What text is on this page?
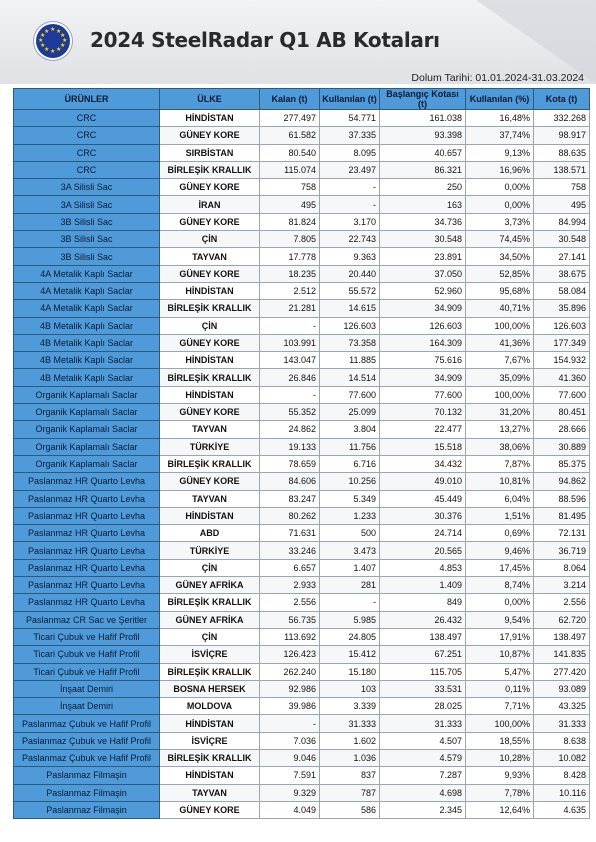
★ ★
★
★
★
★
★
★
★
★
★
★ 2024 SteelRadar Q1 AB Kotaları
Dolum Tarihi: 01.01.2024-31.03.2024
ÜRÜNLER	ÜLKE	Kalan (t)	Kullanılan (t)	Başlangıç Kotası (t)	Kullanılan (%)	Kota (t)
CRC	HİNDİSTAN	277.497	54.771	161.038	16,48%	332.268
CRC	GÜNEY KORE	61.582	37.335	93.398	37,74%	98.917
CRC	SIRBİSTAN	80.540	8.095	40.657	9,13%	88.635
CRC	BİRLEŞİK KRALLIK	115.074	23.497	86.321	16,96%	138.571
3A Silisli Sac	GÜNEY KORE	758	-	250	0,00%	758
3A Silisli Sac	İRAN	495	-	163	0,00%	495
3B Silisli Sac	GÜNEY KORE	81.824	3.170	34.736	3,73%	84.994
3B Silisli Sac	ÇİN	7.805	22.743	30.548	74,45%	30.548
3B Silisli Sac	TAYVAN	17.778	9.363	23.891	34,50%	27.141
4A Metalik Kaplı Saclar	GÜNEY KORE	18.235	20.440	37.050	52,85%	38.675
4A Metalik Kaplı Saclar	HİNDİSTAN	2.512	55.572	52.960	95,68%	58.084
4A Metalik Kaplı Saclar	BİRLEŞİK KRALLIK	21.281	14.615	34.909	40,71%	35.896
4B Metalik Kaplı Saclar	ÇİN	-	126.603	126.603	100,00%	126.603
4B Metalik Kaplı Saclar	GÜNEY KORE	103.991	73.358	164.309	41,36%	177.349
4B Metalik Kaplı Saclar	HİNDİSTAN	143.047	11.885	75.616	7,67%	154.932
4B Metalik Kaplı Saclar	BİRLEŞİK KRALLIK	26.846	14.514	34.909	35,09%	41.360
Organik Kaplamalı Saclar	HİNDİSTAN	-	77.600	77.600	100,00%	77.600
Organik Kaplamalı Saclar	GÜNEY KORE	55.352	25.099	70.132	31,20%	80.451
Organik Kaplamalı Saclar	TAYVAN	24.862	3.804	22.477	13,27%	28.666
Organik Kaplamalı Saclar	TÜRKİYE	19.133	11.756	15.518	38,06%	30.889
Organik Kaplamalı Saclar	BİRLEŞİK KRALLIK	78.659	6.716	34.432	7,87%	85.375
Paslanmaz HR Quarto Levha	GÜNEY KORE	84.606	10.256	49.010	10,81%	94.862
Paslanmaz HR Quarto Levha	TAYVAN	83.247	5.349	45.449	6,04%	88.596
Paslanmaz HR Quarto Levha	HİNDİSTAN	80.262	1.233	30.376	1,51%	81.495
Paslanmaz HR Quarto Levha	ABD	71.631	500	24.714	0,69%	72.131
Paslanmaz HR Quarto Levha	TÜRKİYE	33.246	3.473	20.565	9,46%	36.719
Paslanmaz HR Quarto Levha	ÇİN	6.657	1.407	4.853	17,45%	8.064
Paslanmaz HR Quarto Levha	GÜNEY AFRİKA	2.933	281	1.409	8,74%	3.214
Paslanmaz HR Quarto Levha	BİRLEŞİK KRALLIK	2.556	-	849	0,00%	2.556
Paslanmaz CR Sac ve Şeritler	GÜNEY AFRİKA	56.735	5.985	26.432	9,54%	62.720
Ticari Çubuk ve Hafif Profil	ÇİN	113.692	24.805	138.497	17,91%	138.497
Ticari Çubuk ve Hafif Profil	İSVİÇRE	126.423	15.412	67.251	10,87%	141.835
Ticari Çubuk ve Hafif Profil	BİRLEŞİK KRALLIK	262.240	15.180	115.705	5,47%	277.420
İnşaat Demiri	BOSNA HERSEK	92.986	103	33.531	0,11%	93.089
İnşaat Demiri	MOLDOVA	39.986	3.339	28.025	7,71%	43.325
Paslanmaz Çubuk ve Hafif Profil	HİNDİSTAN	-	31.333	31.333	100,00%	31.333
Paslanmaz Çubuk ve Hafif Profil	İSVİÇRE	7.036	1.602	4.507	18,55%	8.638
Paslanmaz Çubuk ve Hafif Profil	BİRLEŞİK KRALLIK	9.046	1.036	4.579	10,28%	10.082
Paslanmaz Filmaşin	HİNDİSTAN	7.591	837	7.287	9,93%	8.428
Paslanmaz Filmaşin	TAYVAN	9.329	787	4.698	7,78%	10.116
Paslanmaz Filmaşin	GÜNEY KORE	4.049	586	2.345	12,64%	4.635
